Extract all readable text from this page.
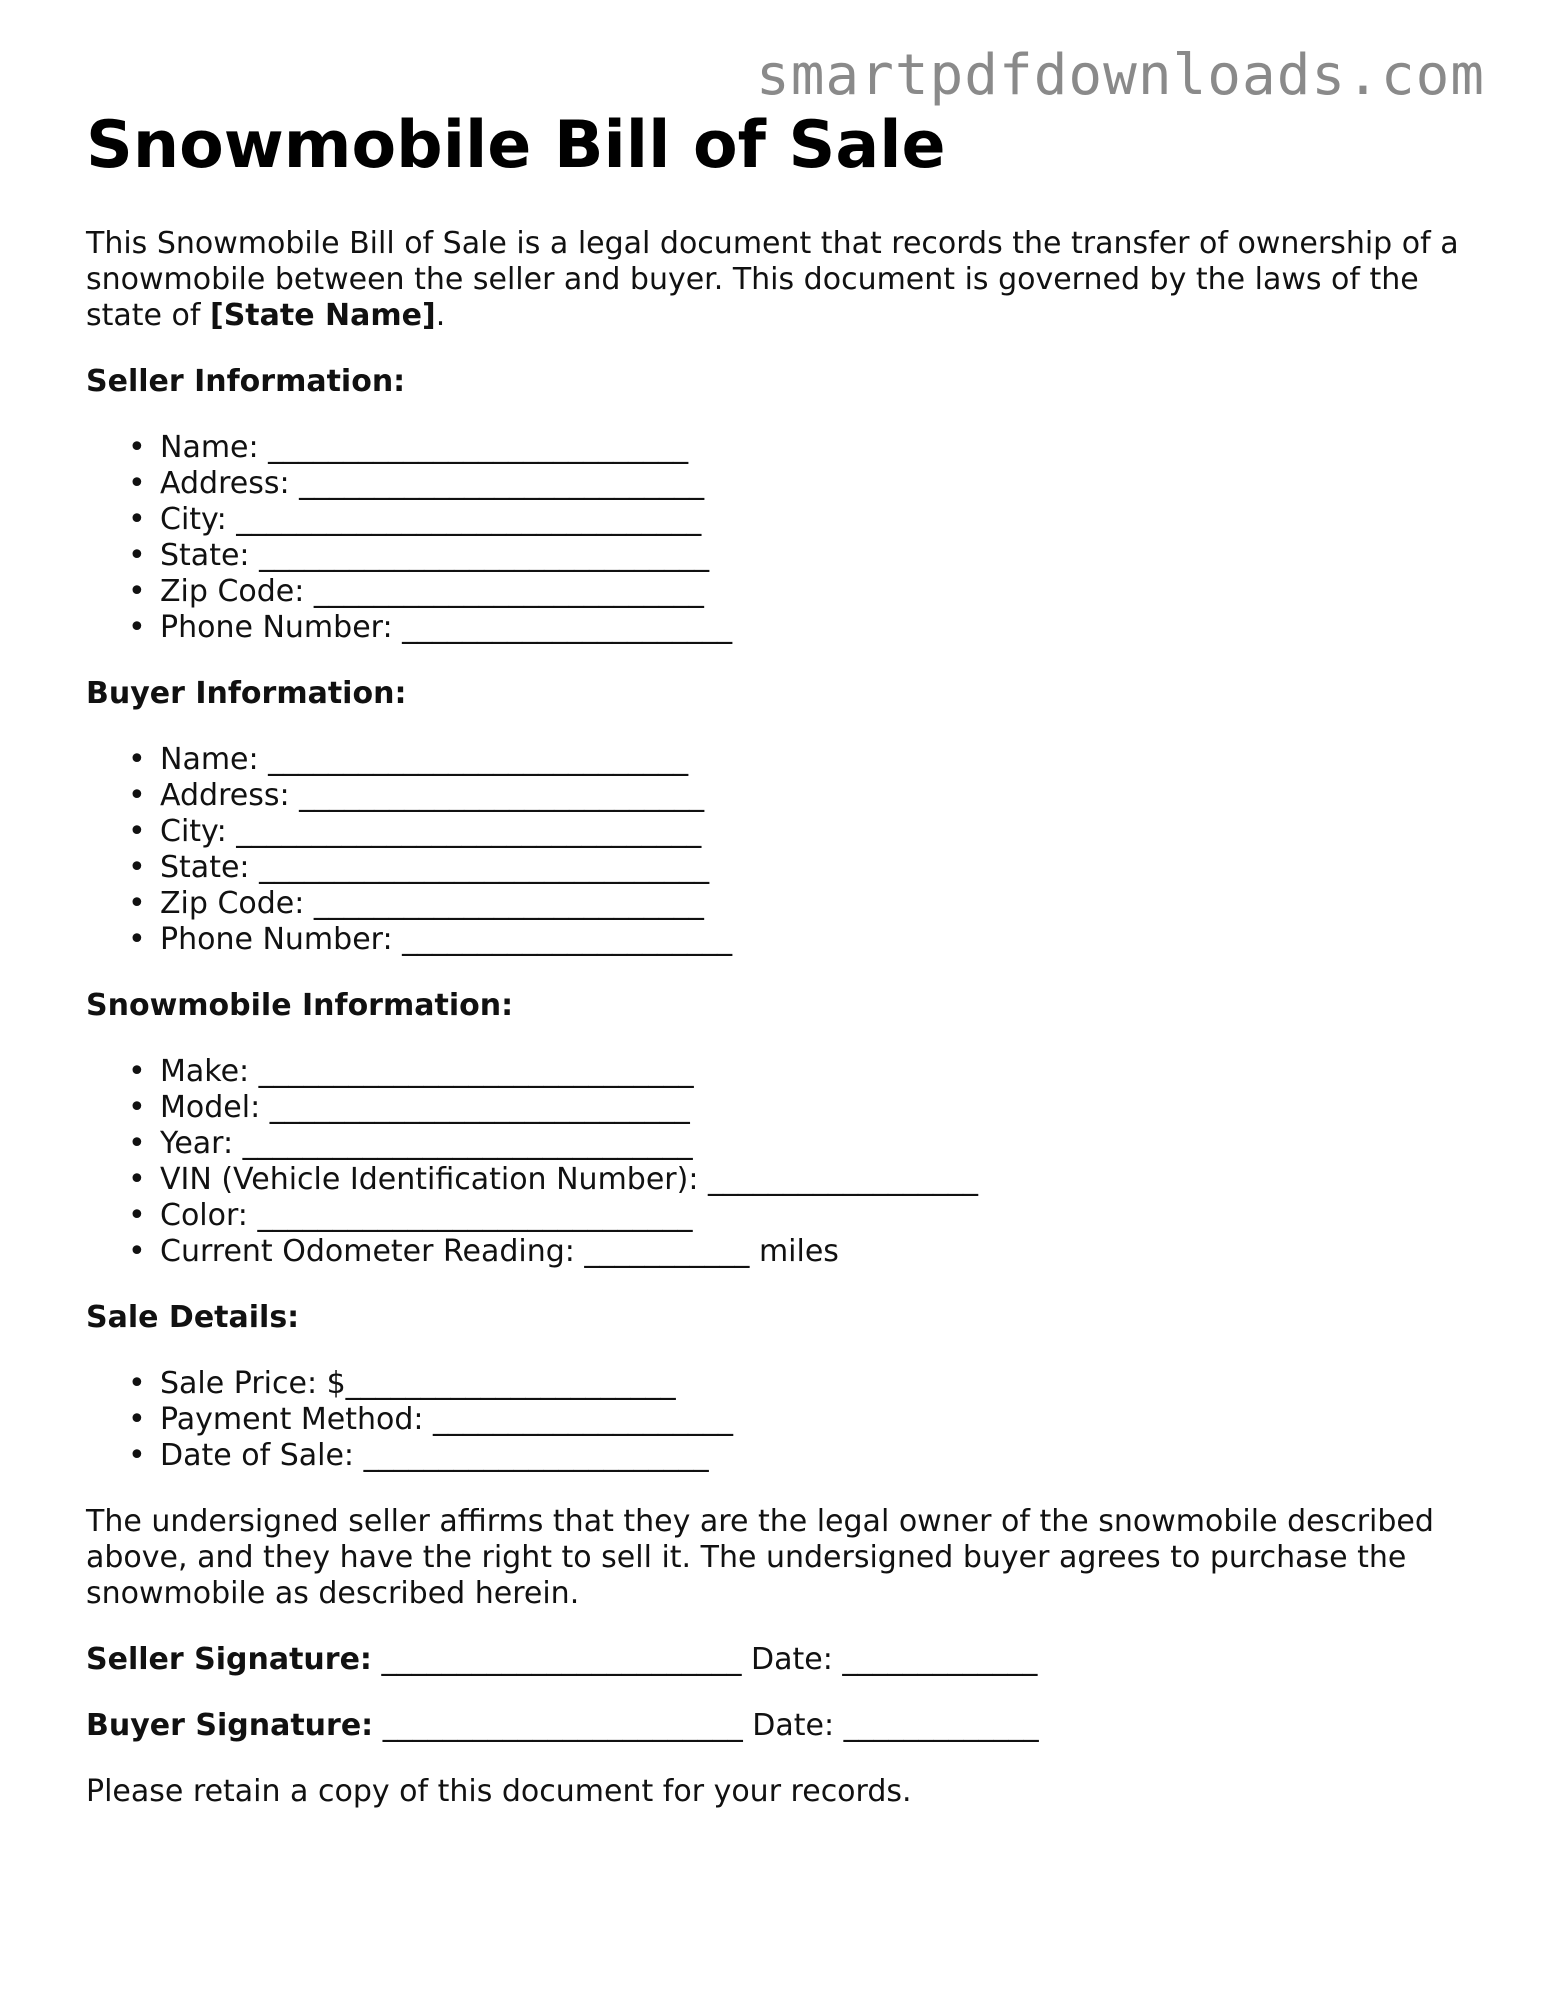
smartpdfdownloads.com
Snowmobile Bill of Sale

This Snowmobile Bill of Sale is a legal document that records the transfer of ownership of a snowmobile between the seller and buyer. This document is governed by the laws of the state of [State Name].

Seller Information:
• Name: ____________________________
• Address: ___________________________
• City: _______________________________
• State: ______________________________
• Zip Code: __________________________
• Phone Number: ______________________
Buyer Information:
• Name: ____________________________
• Address: ___________________________
• City: _______________________________
• State: ______________________________
• Zip Code: __________________________
• Phone Number: ______________________
Snowmobile Information:
• Make: _____________________________
• Model: ____________________________
• Year: ______________________________
• VIN (Vehicle Identification Number): __________________
• Color: _____________________________
• Current Odometer Reading: ___________ miles
Sale Details:
• Sale Price: $______________________
• Payment Method: ____________________
• Date of Sale: _______________________

The undersigned seller affirms that they are the legal owner of the snowmobile described above, and they have the right to sell it. The undersigned buyer agrees to purchase the snowmobile as described herein.

Seller Signature: ________________________ Date: _____________
Buyer Signature: ________________________ Date: _____________

Please retain a copy of this document for your records.
